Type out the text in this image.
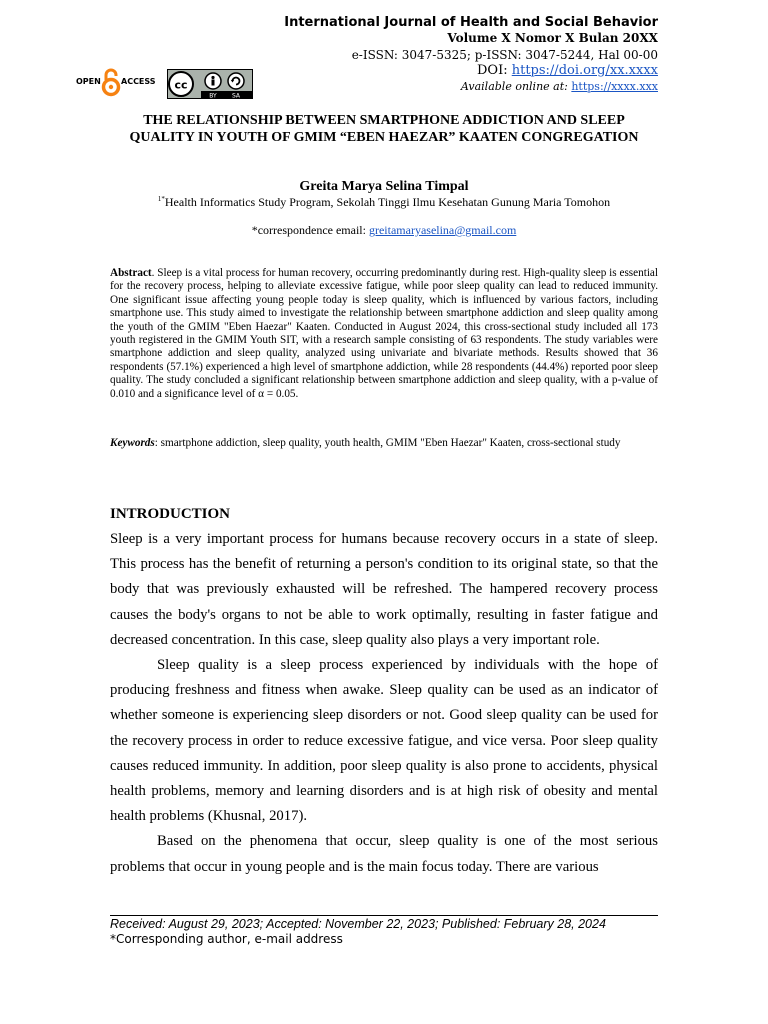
International Journal of Health and Social Behavior
Volume X Nomor X Bulan 20XX
e-ISSN: 3047-5325; p-ISSN: 3047-5244, Hal 00-00
DOI: https://doi.org/xx.xxxx
Available online at: https://xxxx.xxx
OPEN	ACCESS cc
BY	SA
THE RELATIONSHIP BETWEEN SMARTPHONE ADDICTION AND SLEEP QUALITY IN YOUTH OF GMIM “EBEN HAEZAR” KAATEN CONGREGATION
Greita Marya Selina Timpal
$^{1*}$Health Informatics Study Program, Sekolah Tinggi Ilmu Kesehatan Gunung Maria Tomohon
*correspondence email: greitamaryaselina@gmail.com

Abstract. Sleep is a vital process for human recovery, occurring predominantly during rest. High-quality sleep is essential for the recovery process, helping to alleviate excessive fatigue, while poor sleep quality can lead to reduced immunity. One significant issue affecting young people today is sleep quality, which is influenced by various factors, including smartphone use. This study aimed to investigate the relationship between smartphone addiction and sleep quality among the youth of the GMIM "Eben Haezar" Kaaten. Conducted in August 2024, this cross-sectional study included all 173 youth registered in the GMIM Youth SIT, with a research sample consisting of 63 respondents. The study variables were smartphone addiction and sleep quality, analyzed using univariate and bivariate methods. Results showed that 36 respondents (57.1%) experienced a high level of smartphone addiction, while 28 respondents (44.4%) reported poor sleep quality. The study concluded a significant relationship between smartphone addiction and sleep quality, with a p-value of 0.010 and a significance level of α = 0.05.

Keywords: smartphone addiction, sleep quality, youth health, GMIM "Eben Haezar" Kaaten, cross-sectional study

INTRODUCTION

Sleep is a very important process for humans because recovery occurs in a state of sleep. This process has the benefit of returning a person's condition to its original state, so that the body that was previously exhausted will be refreshed. The hampered recovery process causes the body's organs to not be able to work optimally, resulting in faster fatigue and decreased concentration. In this case, sleep quality also plays a very important role.

Sleep quality is a sleep process experienced by individuals with the hope of producing freshness and fitness when awake. Sleep quality can be used as an indicator of whether someone is experiencing sleep disorders or not. Good sleep quality can be used for the recovery process in order to reduce excessive fatigue, and vice versa. Poor sleep quality causes reduced immunity. In addition, poor sleep quality is also prone to accidents, physical health problems, memory and learning disorders and is at high risk of obesity and mental health problems (Khusnal, 2017).

Based on the phenomena that occur, sleep quality is one of the most serious problems that occur in young people and is the main focus today. There are various

Received: August 29, 2023; Accepted: November 22, 2023; Published: February 28, 2024
*Corresponding author, e-mail address
